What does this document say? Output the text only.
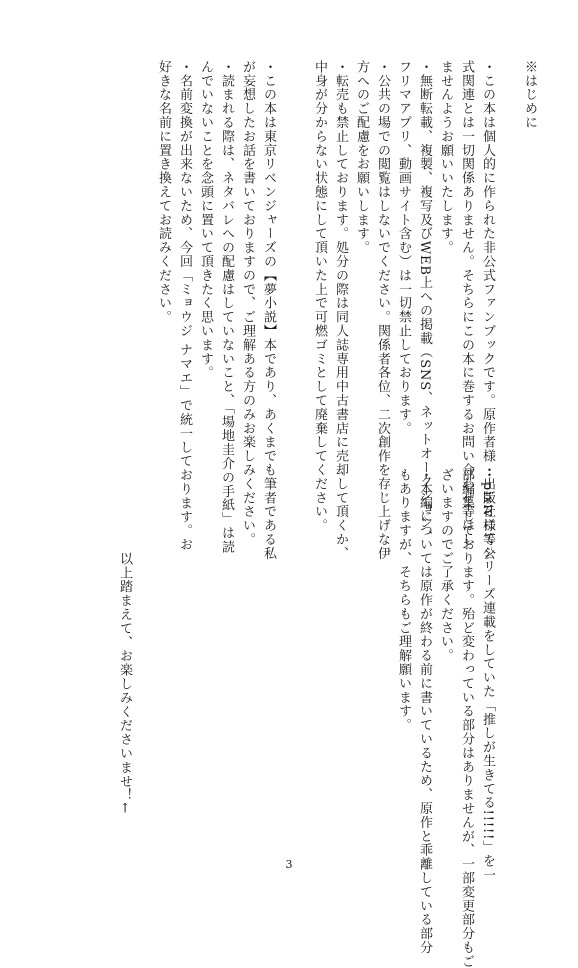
※はじめに
・この本は個人的に作られた非公式ファンブックです。原作者様・出版社様等公
式関連とは一切関係ありません。そちらにこの本に巻するお問い合わせ等はし
ませんようお願いいたします。
・無断転載、複製、複写及びWEB上への掲載（SNS、ネットオークション、
フリマアプリ、動画サイト含む）は一切禁止しております。
・公共の場での閲覧はしないでください。関係者各位、二次創作を存じ上げな伊
方へのご配慮をお願いします。
・転売も禁止しております。処分の際は同人誌専用中古書店に売却して頂くか、
中身が分からない状態にして頂いた上で可燃ゴミとして廃棄してください。
・この本は東京リベンジャーズの【夢小説】本であり、あくまでも筆者である私
が妄想したお話を書いておりますので、ご理解ある方のみお楽しみください。
・読まれる際は、ネタバレへの配慮はしていないこと、「場地圭介の手紙」は読
んでいないことを念頭に置いて頂きたく思います。
・名前変換が出来ないため、今回「ミョウジ ナマエ」で統一しております。お
好きな名前に置き換えてお読みください。
・pixivにてシリーズ連載をしていた「推しが生きてる!!!!!」を一
部編集しております。殆ど変わっている部分はありませんが、一部変更部分もご
ざいますのでご了承ください。
・本編については原作が終わる前に書いているため、原作と乖離している部分
もありますが、そちらもご理解願います。
以上踏まえて、お楽しみくださいませ！←
3
